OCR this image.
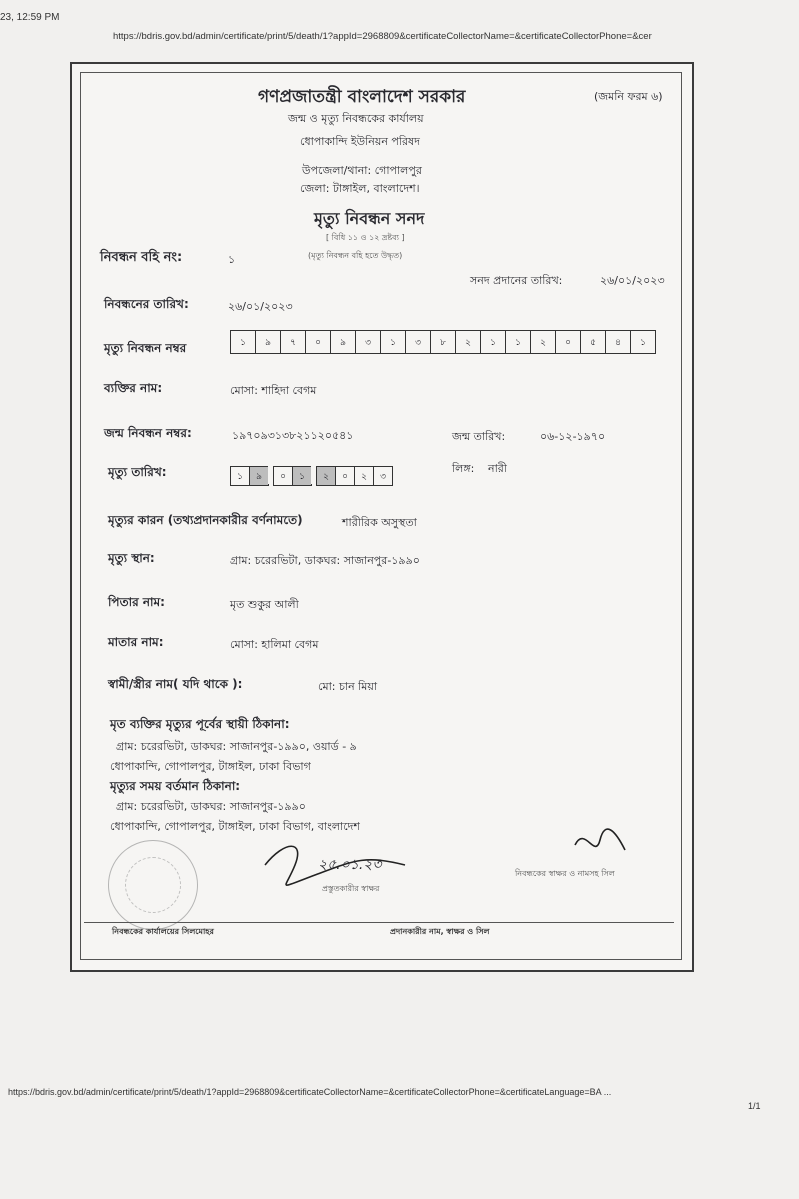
23, 12:59 PM
https://bdris.gov.bd/admin/certificate/print/5/death/1?appId=2968809&certificateCollectorName=&certificateCollectorPhone=&cer
গণপ্রজাতন্ত্রী বাংলাদেশ সরকার	(জমনি ফরম ৬)
জন্ম ও মৃত্যু নিবন্ধকের কার্যালয়
ধোপাকান্দি ইউনিয়ন পরিষদ
উপজেলা/থানা: গোপালপুর
জেলা: টাঙ্গাইল, বাংলাদেশ।
মৃত্যু নিবন্ধন সনদ
[ বিধি ১১ ও ১২ দ্রষ্টব্য ]
(মৃত্যু নিবন্ধন বহি হতে উদ্ধৃত)
নিবন্ধন বহি নং:	১
সনদ প্রদানের তারিখ:	২৬/০১/২০২৩
নিবন্ধনের তারিখ:	২৬/০১/২০২৩
মৃত্যু নিবন্ধন নম্বর	১	৯	৭	০	৯	৩	১	৩	৮	২	১	১	২	০	৫	৪	১
ব্যক্তির নাম:	মোসা: শাহিদা বেগম
জন্ম নিবন্ধন নম্বর:	১৯৭০৯৩১৩৮২১১২০৫৪১	জন্ম তারিখ:	০৬-১২-১৯৭০
মৃত্যু তারিখ:	১	৯	০	১	২	০	২	৩
লিঙ্গ: নারী
মৃত্যুর কারন (তথ্যপ্রদানকারীর বর্ণনামতে)	শারীরিক অসুস্থতা
মৃত্যু স্থান:	গ্রাম: চরেরভিটা, ডাকঘর: সাজানপুর-১৯৯০
পিতার নাম:	মৃত শুকুর আলী
মাতার নাম:	মোসা: হালিমা বেগম
স্বামী/স্ত্রীর নাম( যদি থাকে ):	মো: চান মিয়া
মৃত ব্যক্তির মৃত্যুর পূর্বের স্থায়ী ঠিকানা:
গ্রাম: চরেরভিটা, ডাকঘর: সাজানপুর-১৯৯০, ওয়ার্ড - ৯
ধোপাকান্দি, গোপালপুর, টাঙ্গাইল, ঢাকা বিভাগ
মৃত্যুর সময় বর্তমান ঠিকানা:
গ্রাম: চরেরভিটা, ডাকঘর: সাজানপুর-১৯৯০
ধোপাকান্দি, গোপালপুর, টাঙ্গাইল, ঢাকা বিভাগ, বাংলাদেশ
২৫.০১.২৩
প্রস্তুতকারীর স্বাক্ষর
নিবন্ধকের স্বাক্ষর ও নামসহ সিল
নিবন্ধকের কার্যালয়ের সিলমোহর	প্রদানকারীর নাম, স্বাক্ষর ও সিল
https://bdris.gov.bd/admin/certificate/print/5/death/1?appId=2968809&certificateCollectorName=&certificateCollectorPhone=&certificateLanguage=BA ...
1/1
